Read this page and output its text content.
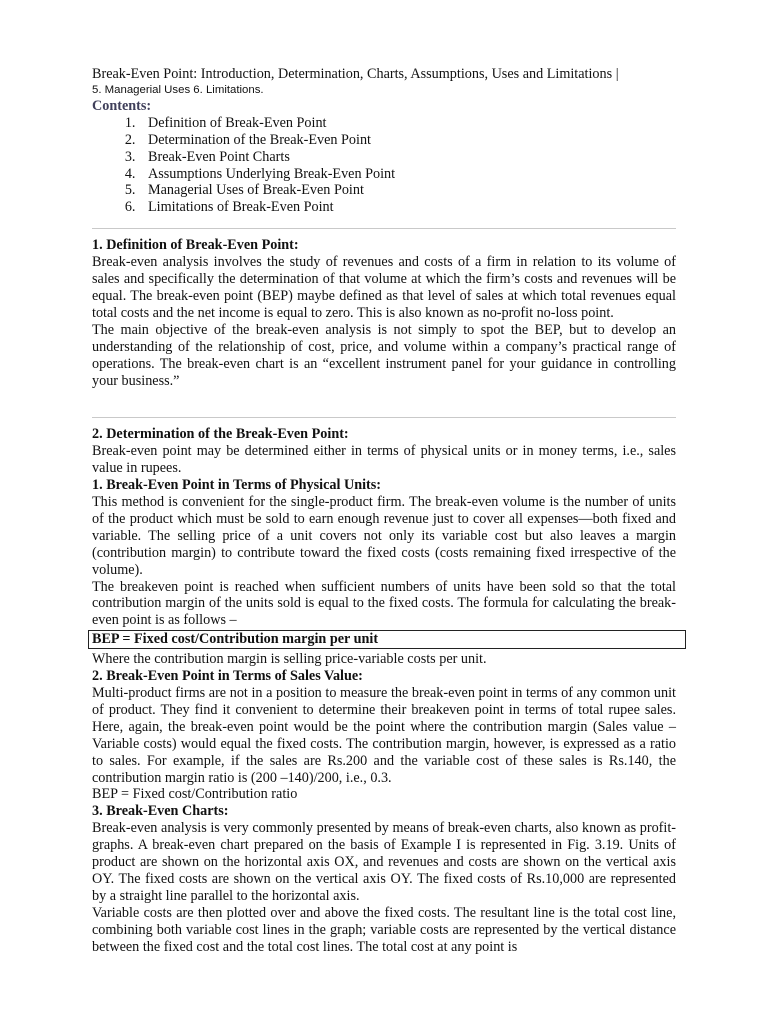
Break-Even Point: Introduction, Determination, Charts, Assumptions, Uses and Limitations |

5. Managerial Uses 6. Limitations.

Contents:

1. Definition of Break-Even Point
2. Determination of the Break-Even Point
3. Break-Even Point Charts
4. Assumptions Underlying Break-Even Point
5. Managerial Uses of Break-Even Point
6. Limitations of Break-Even Point
1. Definition of Break-Even Point:

Break-even analysis involves the study of revenues and costs of a firm in relation to its volume of sales and specifically the determination of that volume at which the firm’s costs and revenues will be equal. The break-even point (BEP) maybe defined as that level of sales at which total revenues equal total costs and the net income is equal to zero. This is also known as no-profit no-loss point.

The main objective of the break-even analysis is not simply to spot the BEP, but to develop an understanding of the relationship of cost, price, and volume within a company’s practical range of operations. The break-even chart is an “excellent instrument panel for your guidance in controlling your business.”

2. Determination of the Break-Even Point:

Break-even point may be determined either in terms of physical units or in money terms, i.e., sales value in rupees.

1. Break-Even Point in Terms of Physical Units:

This method is convenient for the single-product firm. The break-even volume is the number of units of the product which must be sold to earn enough revenue just to cover all expenses—both fixed and variable. The selling price of a unit covers not only its variable cost but also leaves a margin (contribution margin) to contribute toward the fixed costs (costs remaining fixed irrespective of the volume).

The breakeven point is reached when sufficient numbers of units have been sold so that the total contribution margin of the units sold is equal to the fixed costs. The formula for calculating the break-even point is as follows –

BEP = Fixed cost/Contribution margin per unit

Where the contribution margin is selling price-variable costs per unit.

2. Break-Even Point in Terms of Sales Value:

Multi-product firms are not in a position to measure the break-even point in terms of any common unit of product. They find it convenient to determine their breakeven point in terms of total rupee sales. Here, again, the break-even point would be the point where the contribution margin (Sales value – Variable costs) would equal the fixed costs. The contribution margin, however, is expressed as a ratio to sales. For example, if the sales are Rs.200 and the variable cost of these sales is Rs.140, the contribution margin ratio is (200 –140)/200, i.e., 0.3.

BEP = Fixed cost/Contribution ratio

3. Break-Even Charts:

Break-even analysis is very commonly presented by means of break-even charts, also known as profit-graphs. A break-even chart prepared on the basis of Example I is represented in Fig. 3.19. Units of product are shown on the horizontal axis OX, and revenues and costs are shown on the vertical axis OY. The fixed costs are shown on the vertical axis OY. The fixed costs of Rs.10,000 are represented by a straight line parallel to the horizontal axis.

Variable costs are then plotted over and above the fixed costs. The resultant line is the total cost line, combining both variable cost lines in the graph; variable costs are represented by the vertical distance between the fixed cost and the total cost lines. The total cost at any point is
